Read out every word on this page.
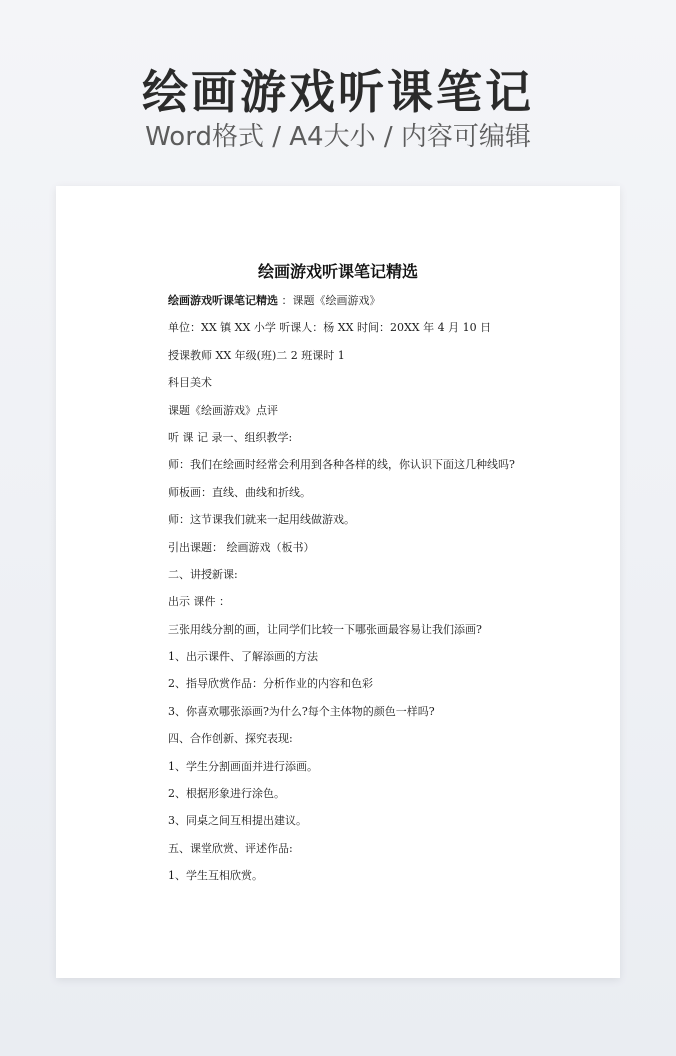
绘画游戏听课笔记
Word格式 / A4大小 / 内容可编辑
绘画游戏听课笔记精选
绘画游戏听课笔记精选 ：课题《绘画游戏》
单位：XX 镇 XX 小学 听课人：杨 XX 时间：20XX 年 4 月 10 日
授课教师 XX 年级(班)二 2 班课时 1
科目美术
课题《绘画游戏》点评
听 课 记 录一、组织教学:
师：我们在绘画时经常会利用到各种各样的线，你认识下面这几种线吗?
师板画：直线、曲线和折线。
师：这节课我们就来一起用线做游戏。
引出课题： 绘画游戏（板书）
二、讲授新课:
出示 课件 ：
三张用线分割的画，让同学们比较一下哪张画最容易让我们添画?
1、出示课件、了解添画的方法
2、指导欣赏作品：分析作业的内容和色彩
3、你喜欢哪张添画?为什么?每个主体物的颜色一样吗?
四、合作创新、探究表现:
1、学生分割画面并进行添画。
2、根据形象进行涂色。
3、同桌之间互相提出建议。
五、课堂欣赏、评述作品:
1、学生互相欣赏。
